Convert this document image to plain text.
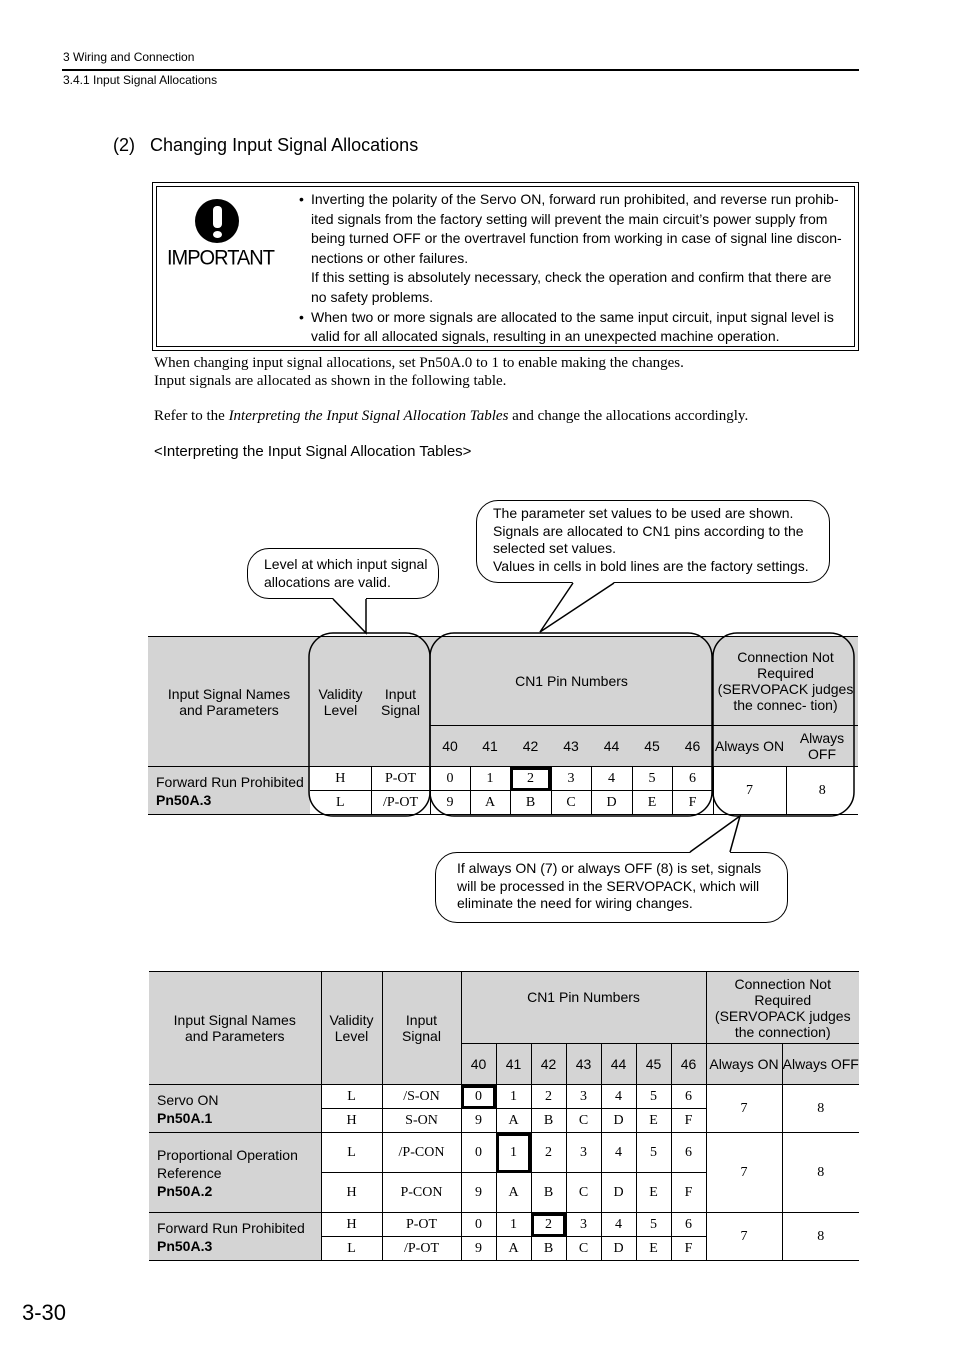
3 Wiring and Connection
3.4.1 Input Signal Allocations
(2)   Changing Input Signal Allocations
IMPORTANT
• Inverting the polarity of the Servo ON, forward run prohibited, and reverse run prohib-
ited signals from the factory setting will prevent the main circuit’s power supply from
being turned OFF or the overtravel function from working in case of signal line discon-
nections or other failures.
If this setting is absolutely necessary, check the operation and confirm that there are
no safety problems.
• When two or more signals are allocated to the same input circuit, input signal level is
valid for all allocated signals, resulting in an unexpected machine operation.
When changing input signal allocations, set Pn50A.0 to 1 to enable making the changes.
Input signals are allocated as shown in the following table.
Refer to the Interpreting the Input Signal Allocation Tables and change the allocations accordingly.
<Interpreting the Input Signal Allocation Tables>
Level at which input signal
allocations are valid.
The parameter set values to be used are shown.
Signals are allocated to CN1 pins according to the
selected set values.
Values in cells in bold lines are the factory settings.
If always ON (7) or always OFF (8) is set, signals
will be processed in the SERVOPACK, which will
eliminate the need for wiring changes.
Input Signal Names and Parameters	Validity Level	Input Signal	CN1 Pin Numbers							Connection Not Required (SERVOPACK judges the connec- tion)	
			40	41	42	43	44	45	46	Always ON	Always OFF

Forward Run Prohibited
Pn50A.3	H	P-OT	0	1	2	3	4	5	6	7	8
	L	/P-OT	9	A	B	C	D	E	F		
Input Signal Names and Parameters	Validity Level	Input Signal	CN1 Pin Numbers							Connection Not Required (SERVOPACK judges the connection)	
			40	41	42	43	44	45	46	Always ON	Always OFF

Servo ON
Pn50A.1	L	/S-ON	0	1	2	3	4	5	6	7	8
	H	S-ON	9	A	B	C	D	E	F		

Proportional Operation Reference
Pn50A.2	L	/P-CON	0	1	2	3	4	5	6	7	8
	H	P-CON	9	A	B	C	D	E	F		

Forward Run Prohibited
Pn50A.3	H	P-OT	0	1	2	3	4	5	6	7	8
	L	/P-OT	9	A	B	C	D	E	F		
3-30
